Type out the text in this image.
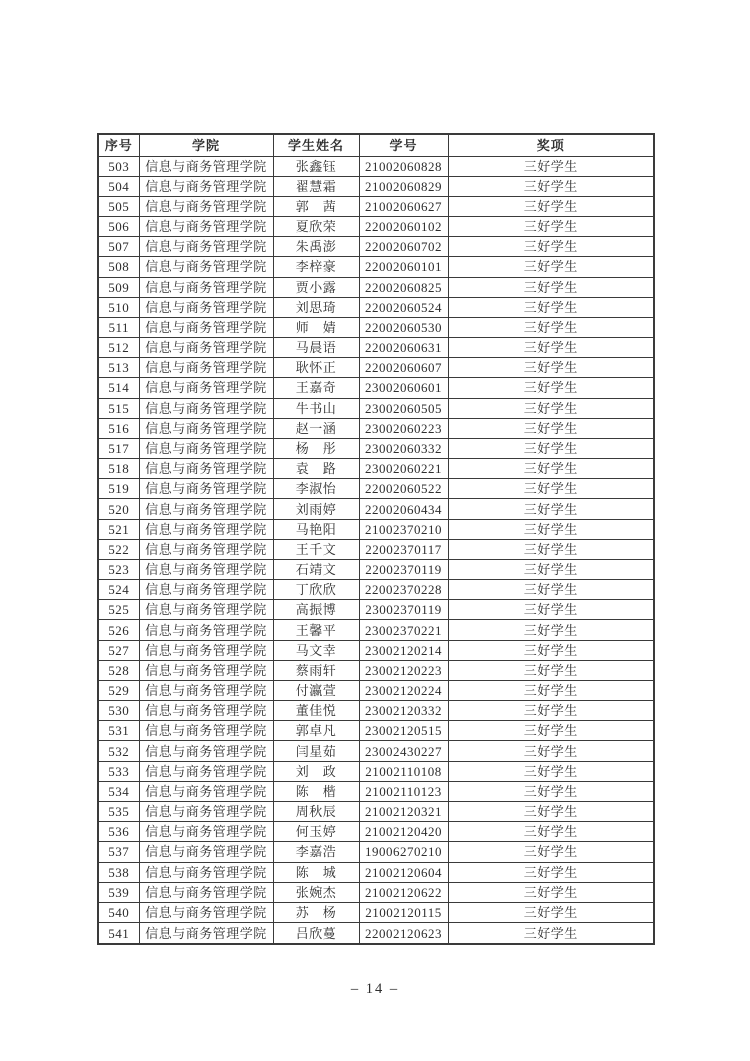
序号	学院	学生姓名	学号	奖项
503	信息与商务管理学院	张鑫钰	21002060828	三好学生
504	信息与商务管理学院	翟慧霜	21002060829	三好学生
505	信息与商务管理学院	郭　茜	21002060627	三好学生
506	信息与商务管理学院	夏欣荣	22002060102	三好学生
507	信息与商务管理学院	朱禹澎	22002060702	三好学生
508	信息与商务管理学院	李梓豪	22002060101	三好学生
509	信息与商务管理学院	贾小露	22002060825	三好学生
510	信息与商务管理学院	刘思琦	22002060524	三好学生
511	信息与商务管理学院	师　婧	22002060530	三好学生
512	信息与商务管理学院	马晨语	22002060631	三好学生
513	信息与商务管理学院	耿怀正	22002060607	三好学生
514	信息与商务管理学院	王嘉奇	23002060601	三好学生
515	信息与商务管理学院	牛书山	23002060505	三好学生
516	信息与商务管理学院	赵一涵	23002060223	三好学生
517	信息与商务管理学院	杨　彤	23002060332	三好学生
518	信息与商务管理学院	袁　路	23002060221	三好学生
519	信息与商务管理学院	李淑怡	22002060522	三好学生
520	信息与商务管理学院	刘雨婷	22002060434	三好学生
521	信息与商务管理学院	马艳阳	21002370210	三好学生
522	信息与商务管理学院	王千文	22002370117	三好学生
523	信息与商务管理学院	石靖文	22002370119	三好学生
524	信息与商务管理学院	丁欣欣	22002370228	三好学生
525	信息与商务管理学院	高振博	23002370119	三好学生
526	信息与商务管理学院	王馨平	23002370221	三好学生
527	信息与商务管理学院	马文幸	23002120214	三好学生
528	信息与商务管理学院	蔡雨轩	23002120223	三好学生
529	信息与商务管理学院	付瀛萱	23002120224	三好学生
530	信息与商务管理学院	董佳悦	23002120332	三好学生
531	信息与商务管理学院	郭卓凡	23002120515	三好学生
532	信息与商务管理学院	闫星茹	23002430227	三好学生
533	信息与商务管理学院	刘　政	21002110108	三好学生
534	信息与商务管理学院	陈　楷	21002110123	三好学生
535	信息与商务管理学院	周秋辰	21002120321	三好学生
536	信息与商务管理学院	何玉婷	21002120420	三好学生
537	信息与商务管理学院	李嘉浩	19006270210	三好学生
538	信息与商务管理学院	陈　城	21002120604	三好学生
539	信息与商务管理学院	张婉杰	21002120622	三好学生
540	信息与商务管理学院	苏　杨	21002120115	三好学生
541	信息与商务管理学院	吕欣蔓	22002120623	三好学生
– 14 –
